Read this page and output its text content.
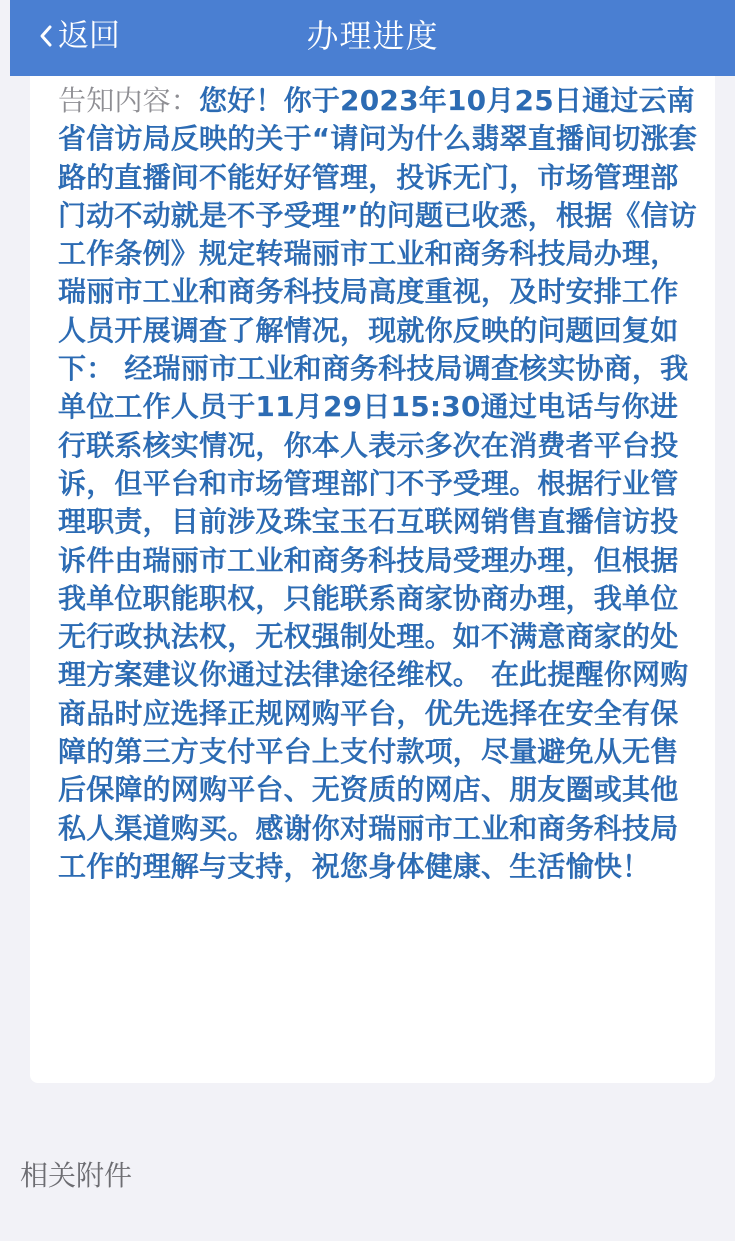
返回	办理进度

告知内容：您好！你于2023年10月25日通过云南省信访局反映的关于“请问为什么翡翠直播间切涨套路的直播间不能好好管理，投诉无门，市场管理部门动不动就是不予受理”的问题已收悉，根据《信访工作条例》规定转瑞丽市工业和商务科技局办理，瑞丽市工业和商务科技局高度重视，及时安排工作人员开展调查了解情况，现就你反映的问题回复如下： 经瑞丽市工业和商务科技局调查核实协商，我单位工作人员于11月29日15:30通过电话与你进行联系核实情况，你本人表示多次在消费者平台投诉，但平台和市场管理部门不予受理。根据行业管理职责，目前涉及珠宝玉石互联网销售直播信访投诉件由瑞丽市工业和商务科技局受理办理，但根据我单位职能职权，只能联系商家协商办理，我单位无行政执法权，无权强制处理。如不满意商家的处理方案建议你通过法律途径维权。 在此提醒你网购商品时应选择正规网购平台，优先选择在安全有保障的第三方支付平台上支付款项，尽量避免从无售后保障的网购平台、无资质的网店、朋友圈或其他私人渠道购买。感谢你对瑞丽市工业和商务科技局工作的理解与支持，祝您身体健康、生活愉快！

相关附件
